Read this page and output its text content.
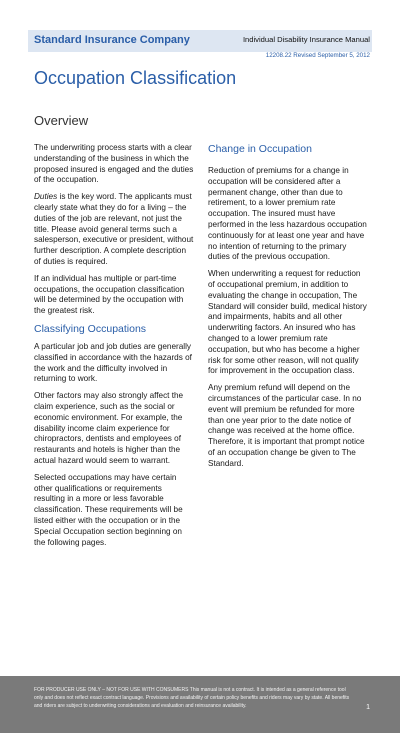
Standard Insurance Company	Individual Disability Insurance Manual
12208.22 Revised September 5, 2012
Occupation Classification
Overview

The underwriting process starts with a clear understanding of the business in which the proposed insured is engaged and the duties of the occupation.

Duties is the key word. The applicants must clearly state what they do for a living – the duties of the job are relevant, not just the title. Please avoid general terms such a salesperson, executive or president, without further description. A complete description of duties is required.

If an individual has multiple or part-time occupations, the occupation classification will be determined by the occupation with the greatest risk.

Classifying Occupations

A particular job and job duties are generally classified in accordance with the hazards of the work and the difficulty involved in returning to work.

Other factors may also strongly affect the claim experience, such as the social or economic environment. For example, the disability income claim experience for chiropractors, dentists and employees of restaurants and hotels is higher than the actual hazard would seem to warrant.

Selected occupations may have certain other qualifications or requirements resulting in a more or less favorable classification. These requirements will be listed either with the occupation or in the Special Occupation section beginning on the following pages.

Change in Occupation

Reduction of premiums for a change in occupation will be considered after a permanent change, other than due to retirement, to a lower premium rate occupation. The insured must have performed in the less hazardous occupation continuously for at least one year and have no intention of returning to the primary duties of the previous occupation.

When underwriting a request for reduction of occupational premium, in addition to evaluating the change in occupation, The Standard will consider build, medical history and impairments, habits and all other underwriting factors. An insured who has changed to a lower premium rate occupation, but who has become a higher risk for some other reason, will not qualify for improvement in the occupation class.

Any premium refund will depend on the circumstances of the particular case. In no event will premium be refunded for more than one year prior to the date notice of change was received at the home office. Therefore, it is important that prompt notice of an occupation change be given to The Standard.

FOR PRODUCER USE ONLY – NOT FOR USE WITH CONSUMERS This manual is not a contract. It is intended as a general reference tool only and does not reflect exact contract language. Provisions and availability of certain policy benefits and riders may vary by state. All benefits and riders are subject to underwriting considerations and evaluation and reinsurance availability.	1
